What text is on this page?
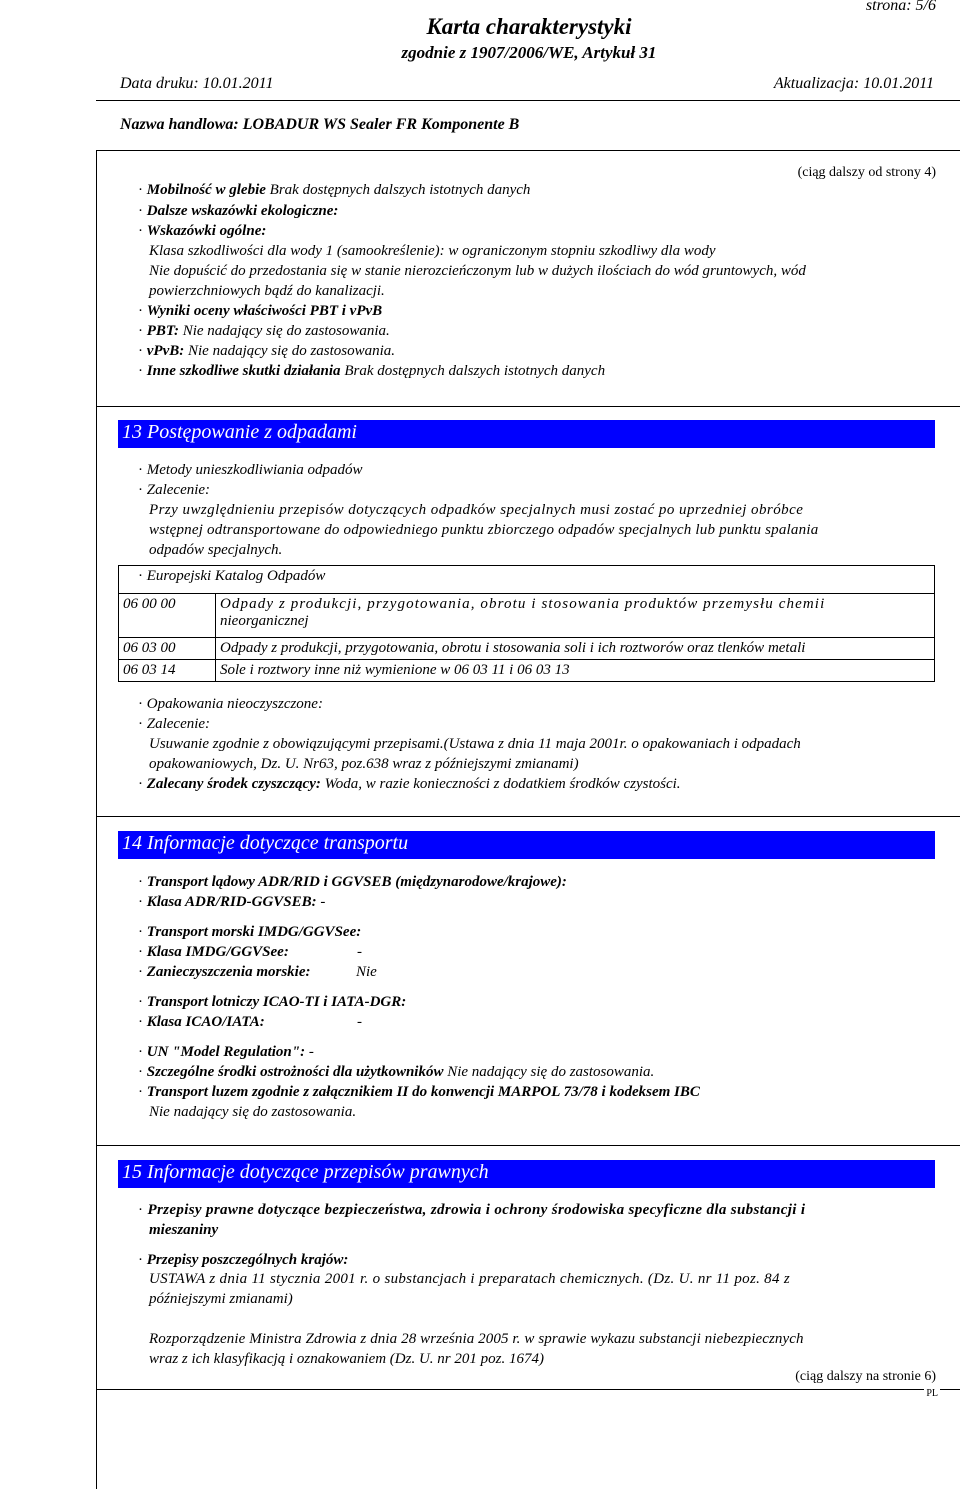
strona: 5/6
Karta charakterystyki
zgodnie z 1907/2006/WE, Artykuł 31
Data druku: 10.01.2011	Aktualizacja: 10.01.2011
Nazwa handlowa: LOBADUR WS Sealer FR Komponente B
(ciąg dalszy od strony 4)
· Mobilność w glebie Brak dostępnych dalszych istotnych danych
· Dalsze wskazówki ekologiczne:
· Wskazówki ogólne:
Klasa szkodliwości dla wody 1 (samookreślenie): w ograniczonym stopniu szkodliwy dla wody
Nie dopuścić do przedostania się w stanie nierozcieńczonym lub w dużych ilościach do wód gruntowych, wód
powierzchniowych bądź do kanalizacji.
· Wyniki oceny właściwości PBT i vPvB
· PBT: Nie nadający się do zastosowania.
· vPvB: Nie nadający się do zastosowania.
· Inne szkodliwe skutki działania Brak dostępnych dalszych istotnych danych
13 Postępowanie z odpadami
· Metody unieszkodliwiania odpadów
· Zalecenie:
Przy uwzględnieniu przepisów dotyczących odpadków specjalnych musi zostać po uprzedniej obróbce
wstępnej odtransportowane do odpowiedniego punktu zbiorczego odpadów specjalnych lub punktu spalania
odpadów specjalnych.
· Europejski Katalog Odpadów
06 00 00	Odpady z produkcji, przygotowania, obrotu i stosowania produktów przemysłu chemii
nieorganicznej
06 03 00	Odpady z produkcji, przygotowania, obrotu i stosowania soli i ich roztworów oraz tlenków metali
06 03 14	Sole i roztwory inne niż wymienione w 06 03 11 i 06 03 13
· Opakowania nieoczyszczone:
· Zalecenie:
Usuwanie zgodnie z obowiązującymi przepisami.(Ustawa z dnia 11 maja 2001r. o opakowaniach i odpadach
opakowaniowych, Dz. U. Nr63, poz.638 wraz z późniejszymi zmianami)
· Zalecany środek czyszczący: Woda, w razie konieczności z dodatkiem środków czystości.
14 Informacje dotyczące transportu
· Transport lądowy ADR/RID i GGVSEB (międzynarodowe/krajowe):
· Klasa ADR/RID-GGVSEB: -
· Transport morski IMDG/GGVSee:
· Klasa IMDG/GGVSee:	-
· Zanieczyszczenia morskie:	Nie
· Transport lotniczy ICAO-TI i IATA-DGR:
· Klasa ICAO/IATA:	-
· UN "Model Regulation": -
· Szczególne środki ostrożności dla użytkowników Nie nadający się do zastosowania.
· Transport luzem zgodnie z załącznikiem II do konwencji MARPOL 73/78 i kodeksem IBC
Nie nadający się do zastosowania.
15 Informacje dotyczące przepisów prawnych
· Przepisy prawne dotyczące bezpieczeństwa, zdrowia i ochrony środowiska specyficzne dla substancji i
mieszaniny
· Przepisy poszczególnych krajów:
USTAWA z dnia 11 stycznia 2001 r. o substancjach i preparatach chemicznych. (Dz. U. nr 11 poz. 84 z
późniejszymi zmianami)
Rozporządzenie Ministra Zdrowia z dnia 28 września 2005 r. w sprawie wykazu substancji niebezpiecznych
wraz z ich klasyfikacją i oznakowaniem (Dz. U. nr 201 poz. 1674)
(ciąg dalszy na stronie 6)
PL
